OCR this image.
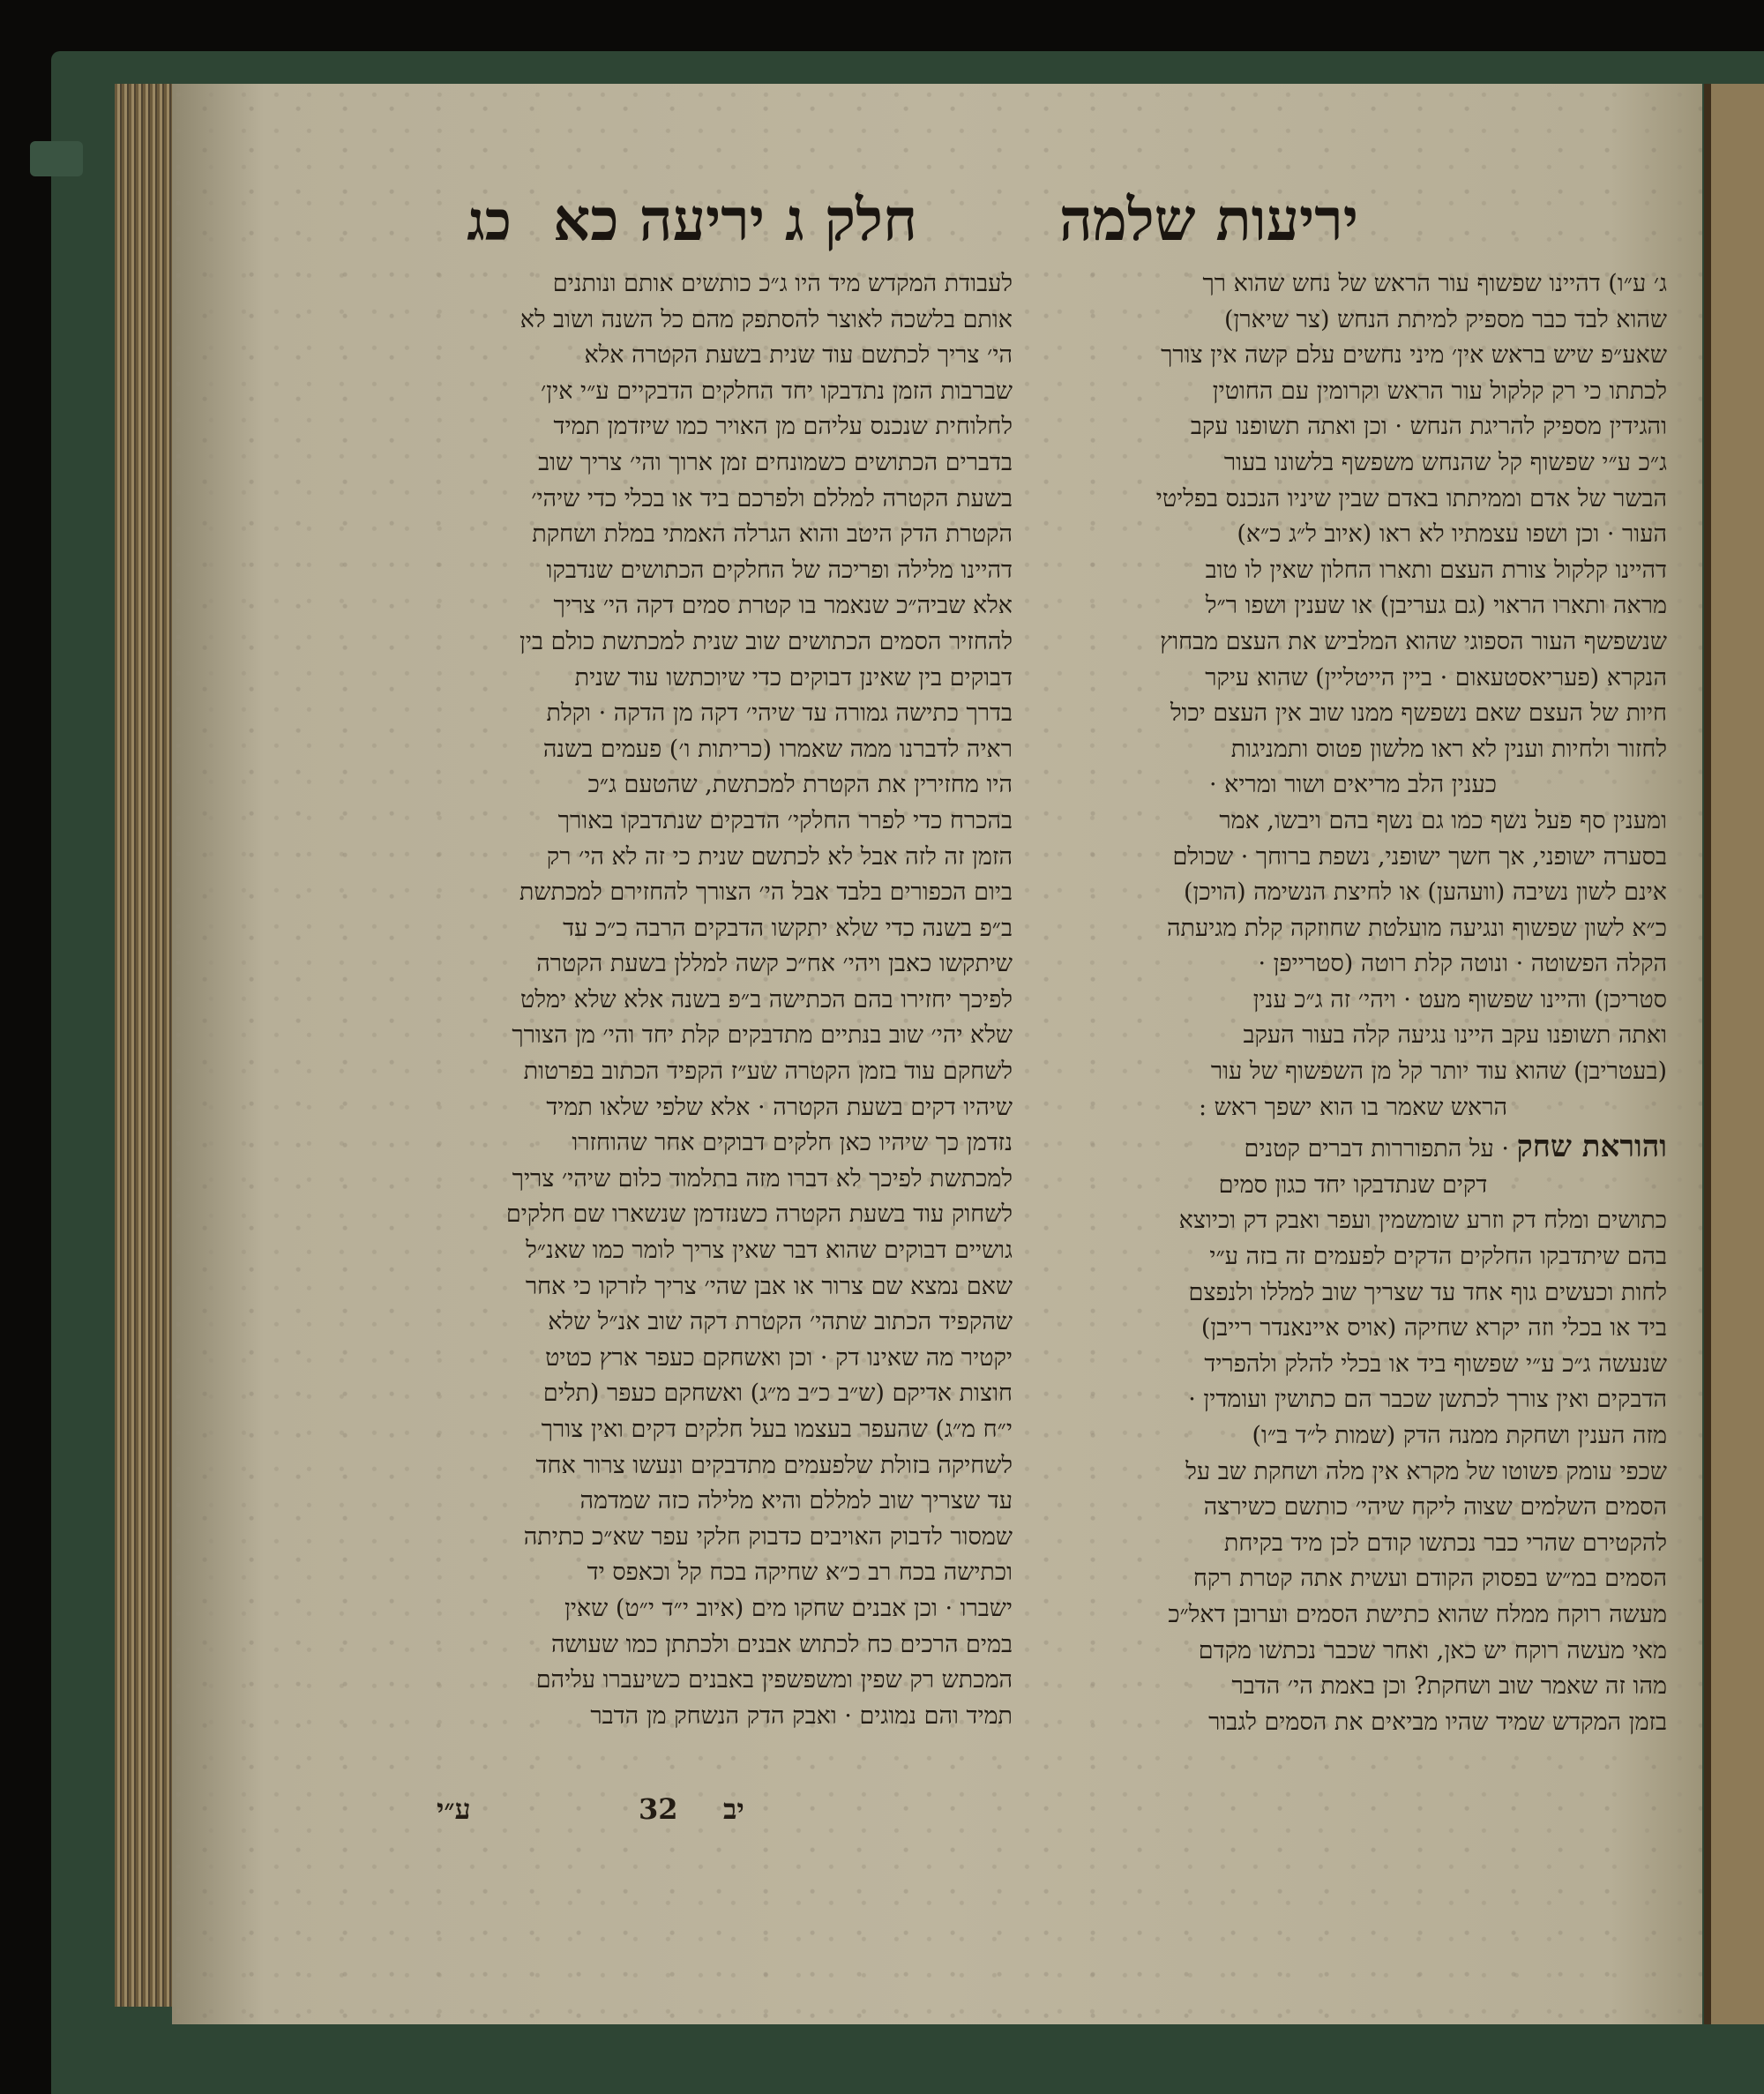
יריעות שלמה
חלק ג יריעה כא
כג

ג׳ ע״ו) דהיינו שפשוף עור הראש של נחש שהוא רך

שהוא לבד כבר מספיק למיתת הנחש (צר שיארן)

שאע״פ שיש בראש אין׳ מיני נחשים עלם קשה אין צורך

לכתתו כי רק קלקול עור הראש וקרומין עם החוטין

והגידין מספיק להריגת הנחש · וכן ואתה תשופנו עקב

ג״כ ע״י שפשוף קל שהנחש משפשף בלשונו בעור

הבשר של אדם וממיתתו באדם שבין שיניו הנכנס בפליטי

העור · וכן ושפו עצמתיו לא ראו (איוב ל״ג כ״א)

דהיינו קלקול צורת העצם ותארו החלון שאין לו טוב

מראה ותארו הראוי (גם געריבן) או שענין ושפו ר״ל

שנשפשף העור הספוגי שהוא המלביש את העצם מבחוץ

הנקרא (פעריאסטעאום · ביין הייטליין) שהוא עיקר

חיות של העצם שאם נשפשף ממנו שוב אין העצם יכול

לחזור ולחיות וענין לא ראו מלשון פטוס ותמניגות

כענין הלב מריאים ושור ומריא ·

ומענין סף פעל נשף כמו גם נשף בהם ויבשו, אמר

בסערה ישופני, אך חשך ישופני, נשפת ברוחך · שכולם

אינם לשון נשיבה (וועהען) או לחיצת הנשימה (הויכן)

כ״א לשון שפשוף ונגיעה מועלטת שחוזקה קלת מגיעתה

הקלה הפשוטה · ונוטה קלת רוטה (סטרייפן ·

סטריכן) והיינו שפשוף מעט · ויהי׳ זה ג״כ ענין

ואתה תשופנו עקב היינו נגיעה קלה בעור העקב

(בעטריבן) שהוא עוד יותר קל מן השפשוף של עור

הראש שאמר בו הוא ישפך ראש :

והוראת שחק · על התפוררות דברים קטנים

דקים שנתדבקו יחד כגון סמים

כתושים ומלח דק וזרע שומשמין ועפר ואבק דק וכיוצא

בהם שיתדבקו החלקים הדקים לפעמים זה בזה ע״י

לחות וכעשים גוף אחד עד שצריך שוב למללו ולנפצם

ביד או בכלי וזה יקרא שחיקה (אויס איינאנדר רייבן)

שנעשה ג״כ ע״י שפשוף ביד או בכלי להלק ולהפריד

הדבקים ואין צורך לכתשן שכבר הם כתושין ועומדין ·

מזה הענין ושחקת ממנה הדק (שמות ל״ד ב״ו)

שכפי עומק פשוטו של מקרא אין מלה ושחקת שב על

הסמים השלמים שצוה ליקח שיהי׳ כותשם כשירצה

להקטירם שהרי כבר נכתשו קודם לכן מיד בקיחת

הסמים במ״ש בפסוק הקודם ועשית אתה קטרת רקח

מעשה רוקח ממלח שהוא כתישת הסמים וערובן דאל״כ

מאי מעשה רוקח יש כאן, ואחר שכבר נכתשו מקדם

מהו זה שאמר שוב ושחקת? וכן באמת הי׳ הדבר

בזמן המקדש שמיד שהיו מביאים את הסמים לגבור

לעבודת המקדש מיד היו ג״כ כותשים אותם ונותנים

אותם בלשכה לאוצר להסתפק מהם כל השנה ושוב לא

הי׳ צריך לכתשם עוד שנית בשעת הקטרה אלא

שברבות הזמן נתדבקו יחד החלקים הדבקיים ע״י אין׳

לחלוחית שנכנס עליהם מן האויר כמו שיזדמן תמיד

בדברים הכתושים כשמונחים זמן ארוך והי׳ צריך שוב

בשעת הקטרה למללם ולפרכם ביד או בכלי כדי שיהי׳

הקטרת הדק היטב והוא הגרלה האמתי במלת ושחקת

דהיינו מלילה ופריכה של החלקים הכתושים שנדבקו

אלא שביה״כ שנאמר בו קטרת סמים דקה הי׳ צריך

להחזיר הסמים הכתושים שוב שנית למכתשת כולם בין

דבוקים בין שאינן דבוקים כדי שיוכתשו עוד שנית

בדרך כתישה גמורה עד שיהי׳ דקה מן הדקה · וקלת

ראיה לדברנו ממה שאמרו (כריתות ו׳) פעמים בשנה

היו מחזירין את הקטרת למכתשת, שהטעם ג״כ

בהכרח כדי לפרר החלקי׳ הדבקים שנתדבקו באורך

הזמן זה לזה אבל לא לכתשם שנית כי זה לא הי׳ רק

ביום הכפורים בלבד אבל הי׳ הצורך להחזירם למכתשת

ב״פ בשנה כדי שלא יתקשו הדבקים הרבה כ״כ עד

שיתקשו כאבן ויהי׳ אח״כ קשה למללן בשעת הקטרה

לפיכך יחזירו בהם הכתישה ב״פ בשנה אלא שלא ימלט

שלא יהי׳ שוב בנתיים מתדבקים קלת יחד והי׳ מן הצורך

לשחקם עוד בזמן הקטרה שע״ז הקפיד הכתוב בפרטות

שיהיו דקים בשעת הקטרה · אלא שלפי שלאו תמיד

נזדמן כך שיהיו כאן חלקים דבוקים אחר שהוחזרו

למכתשת לפיכך לא דברו מזה בתלמוד כלום שיהי׳ צריך

לשחוק עוד בשעת הקטרה כשנזדמן שנשארו שם חלקים

גושיים דבוקים שהוא דבר שאין צריך לומר כמו שאנ״ל

שאם נמצא שם צרור או אבן שהי׳ צריך לזרקו כי אחר

שהקפיד הכתוב שתהי׳ הקטרת דקה שוב אנ״ל שלא

יקטיר מה שאינו דק · וכן ואשחקם כעפר ארץ כטיט

חוצות אדיקם (ש״ב כ״ב מ״ג) ואשחקם כעפר (תלים

י״ח מ״ג) שהעפר בעצמו בעל חלקים דקים ואין צורך

לשחיקה בזולת שלפעמים מתדבקים ונעשו צרור אחד

עד שצריך שוב למללם והיא מלילה כזה שמדמה

שמסור לדבוק האויבים כדבוק חלקי עפר שא״כ כתיתה

וכתישה בכח רב כ״א שחיקה בכח קל וכאפס יד

ישברו · וכן אבנים שחקו מים (איוב י״ד י״ט) שאין

במים הרכים כח לכתוש אבנים ולכתתן כמו שעושה

המכתש רק שפין ומשפשפין באבנים כשיעברו עליהם

תמיד והם נמוגים · ואבק הדק הנשחק מן הדבר

ע״י	32 יב
